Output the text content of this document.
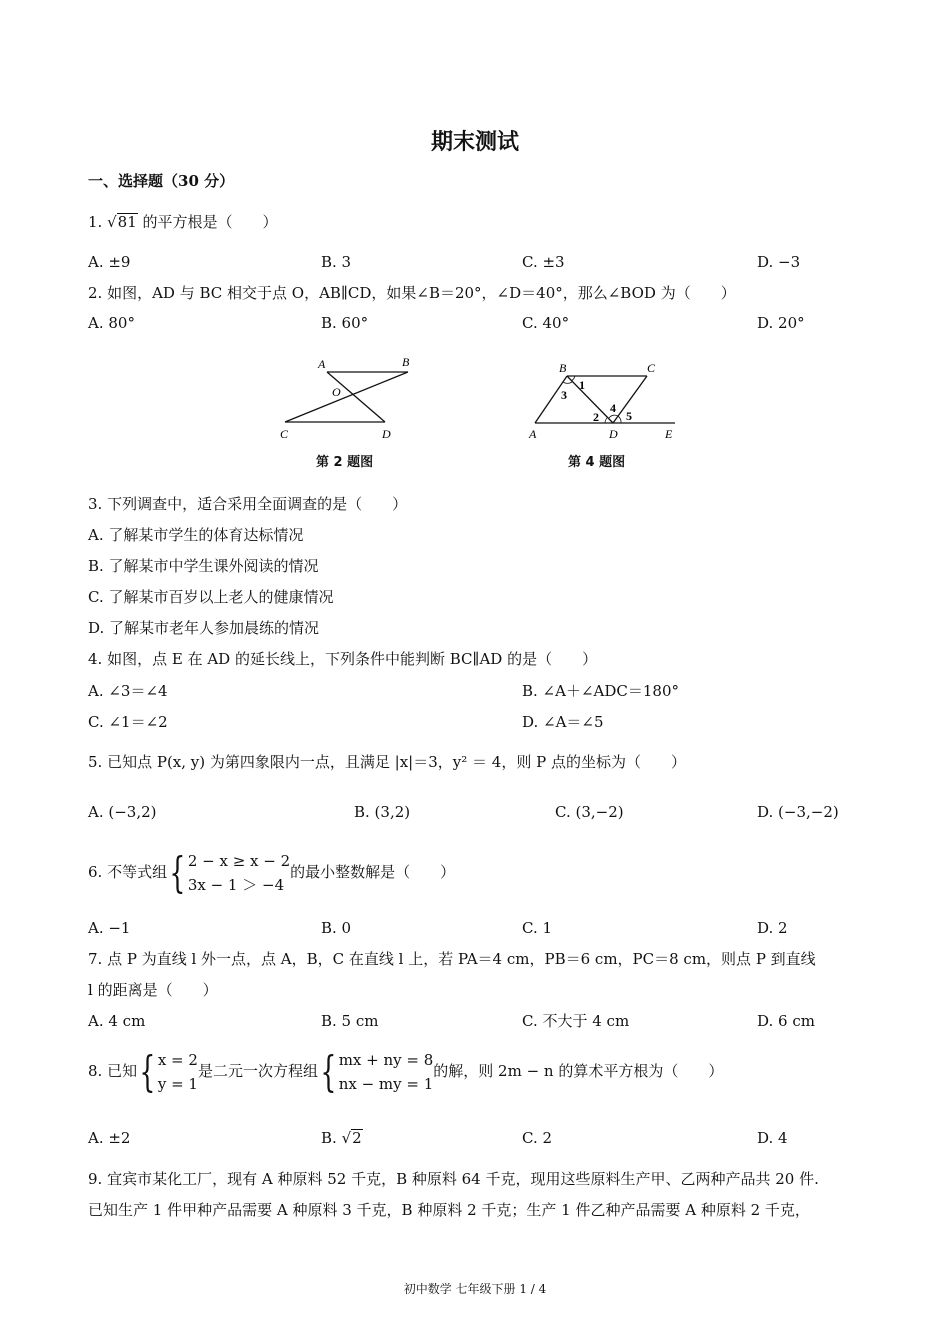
期末测试
一、选择题（30 分）
1. √81 的平方根是（　　）
A. ±9	B. 3	C. ±3	D. −3
2. 如图，AD 与 BC 相交于点 O，AB∥CD，如果∠B＝20°，∠D＝40°，那么∠BOD 为（　　）
A. 80°	B. 60°	C. 40°	D. 20°
A	B
O
C	D
第 2 题图
B	C
A	D	E
1
3
2
4
5
第 4 题图
3. 下列调查中，适合采用全面调查的是（　　）
A. 了解某市学生的体育达标情况
B. 了解某市中学生课外阅读的情况
C. 了解某市百岁以上老人的健康情况
D. 了解某市老年人参加晨练的情况
4. 如图，点 E 在 AD 的延长线上，下列条件中能判断 BC∥AD 的是（　　）
A. ∠3＝∠4	B. ∠A＋∠ADC＝180°
C. ∠1＝∠2	D. ∠A＝∠5
5. 已知点 P(x, y) 为第四象限内一点，且满足 |x|＝3，y² ＝ 4，则 P 点的坐标为（　　）
A. (−3,2)	B. (3,2)	C. (3,−2)	D. (−3,−2)
6. 不等式组{ 2 − x ≥ x − 2
3x − 1 ＞ −4
的最小整数解是（　　）
A. −1	B. 0	C. 1	D. 2
7. 点 P 为直线 l 外一点，点 A，B，C 在直线 l 上，若 PA＝4 cm，PB＝6 cm，PC＝8 cm，则点 P 到直线
l 的距离是（　　）
A. 4 cm	B. 5 cm	C. 不大于 4 cm	D. 6 cm
8. 已知{ x = 2
y = 1
是二元一次方程组{ mx + ny = 8
nx − my = 1
的解，则 2m − n 的算术平方根为（　　）
A. ±2	B. √2	C. 2	D. 4
9. 宜宾市某化工厂，现有 A 种原料 52 千克，B 种原料 64 千克，现用这些原料生产甲、乙两种产品共 20 件.
已知生产 1 件甲种产品需要 A 种原料 3 千克，B 种原料 2 千克；生产 1 件乙种产品需要 A 种原料 2 千克，
初中数学 七年级下册 1 / 4
